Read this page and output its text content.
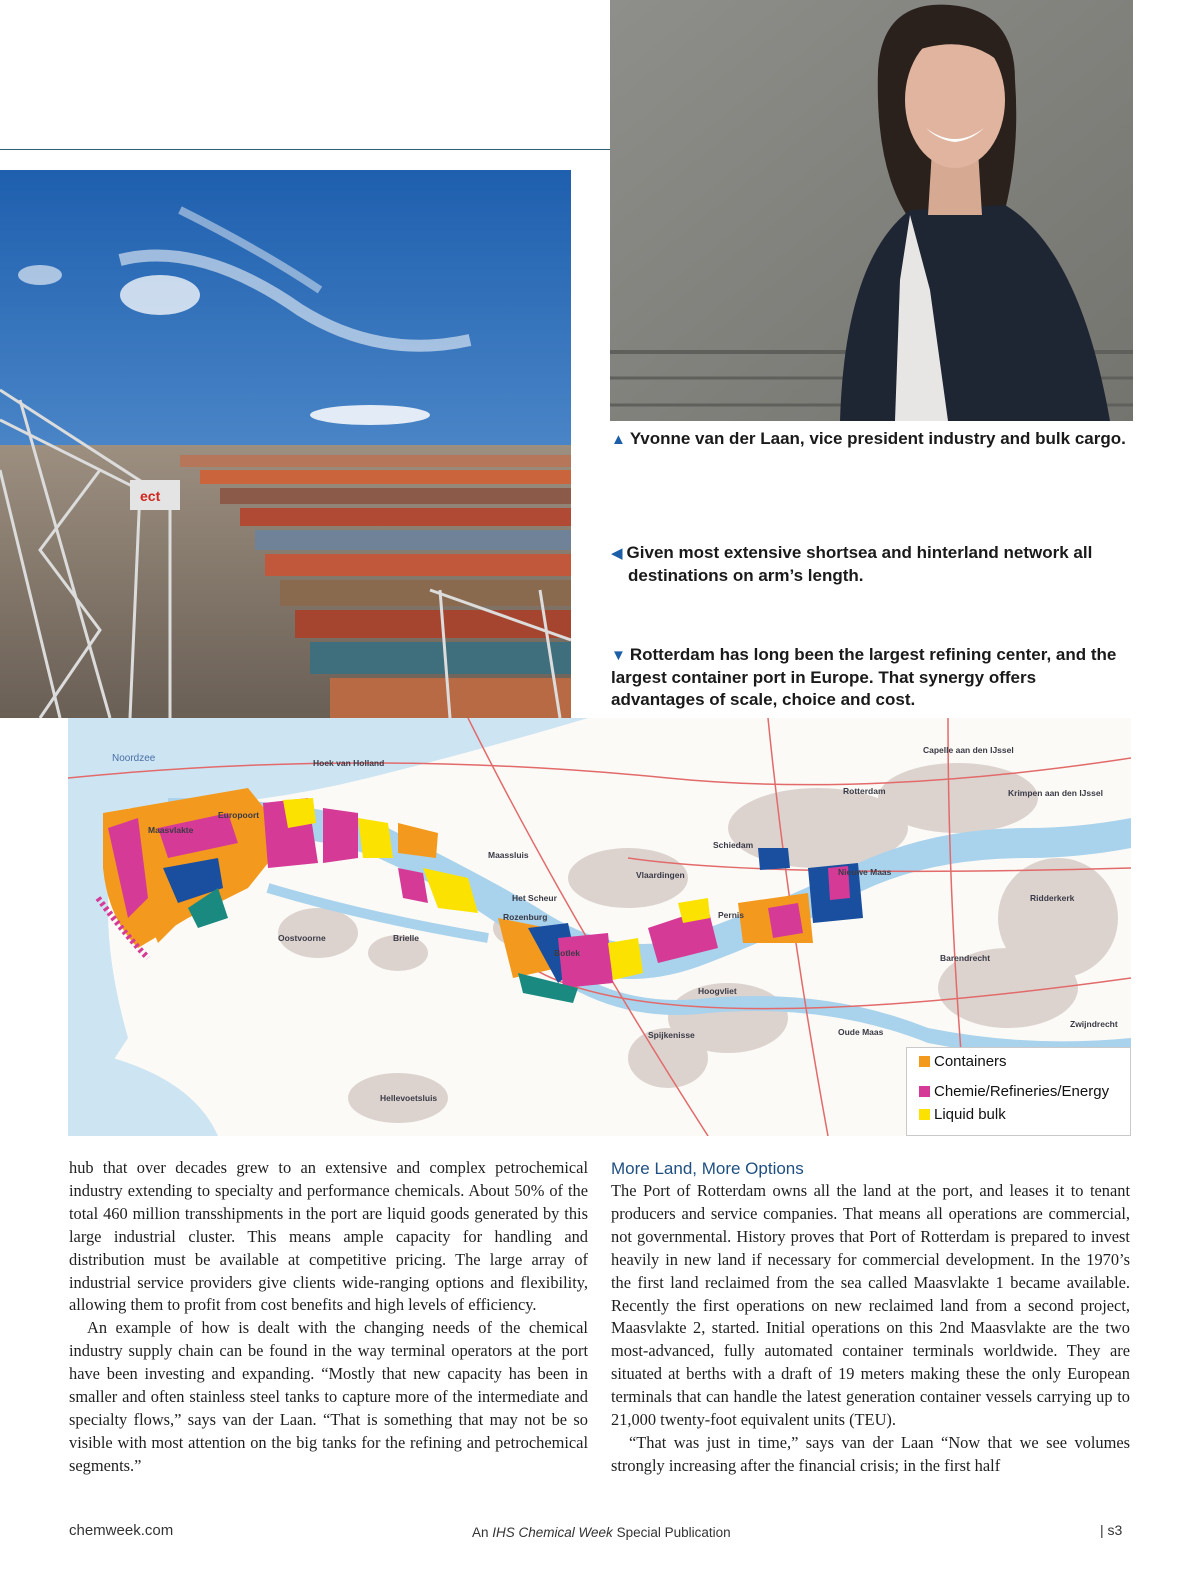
ect
▲ Yvonne van der Laan, vice president industry and bulk cargo.
◀ Given most extensive shortsea and hinterland network all destinations on arm’s length.
▼ Rotterdam has long been the largest refining center, and the largest container port in Europe. That synergy offers advantages of scale, choice and cost.
Noordzee	Hoek van Holland
Maassluis
Schiedam
Vlaardingen
Rotterdam
Capelle aan den IJssel
Krimpen aan den IJssel
Ridderkerk
Barendrecht
Zwijndrecht
Rozenburg	Pernis
Hoogvliet
Spijkenisse
Oostvoorne	Brielle
Hellevoetsluis
Maasvlakte
Europoort
Botlek
Nieuwe Maas
Het Scheur
Oude Maas
Containers
Chemie/Refineries/Energy
Liquid bulk

hub that over decades grew to an extensive and complex petrochemical industry extending to specialty and performance chemicals. About 50% of the total 460 million transshipments in the port are liquid goods generated by this large industrial cluster. This means ample capacity for handling and distribution must be available at competitive pricing. The large array of industrial service providers give clients wide-ranging options and flexibility, allowing them to profit from cost benefits and high levels of efficiency.

An example of how is dealt with the changing needs of the chemical industry supply chain can be found in the way terminal operators at the port have been investing and expanding. “Mostly that new capacity has been in smaller and often stainless steel tanks to capture more of the intermediate and specialty flows,” says van der Laan. “That is something that may not be so visible with most attention on the big tanks for the refining and petrochemical segments.”

More Land, More Options

The Port of Rotterdam owns all the land at the port, and leases it to tenant producers and service companies. That means all operations are commercial, not governmental. History proves that Port of Rotterdam is prepared to invest heavily in new land if necessary for commercial development. In the 1970’s the first land reclaimed from the sea called Maasvlakte 1 became available. Recently the first operations on new reclaimed land from a second project, Maasvlakte 2, started. Initial operations on this 2nd Maasvlakte are the two most-advanced, fully automated container terminals worldwide. They are situated at berths with a draft of 19 meters making these the only European terminals that can handle the latest generation container vessels carrying up to 21,000 twenty-foot equivalent units (TEU).

“That was just in time,” says van der Laan “Now that we see volumes strongly increasing after the financial crisis; in the first half

chemweek.com	An IHS Chemical Week Special Publication	| s3
